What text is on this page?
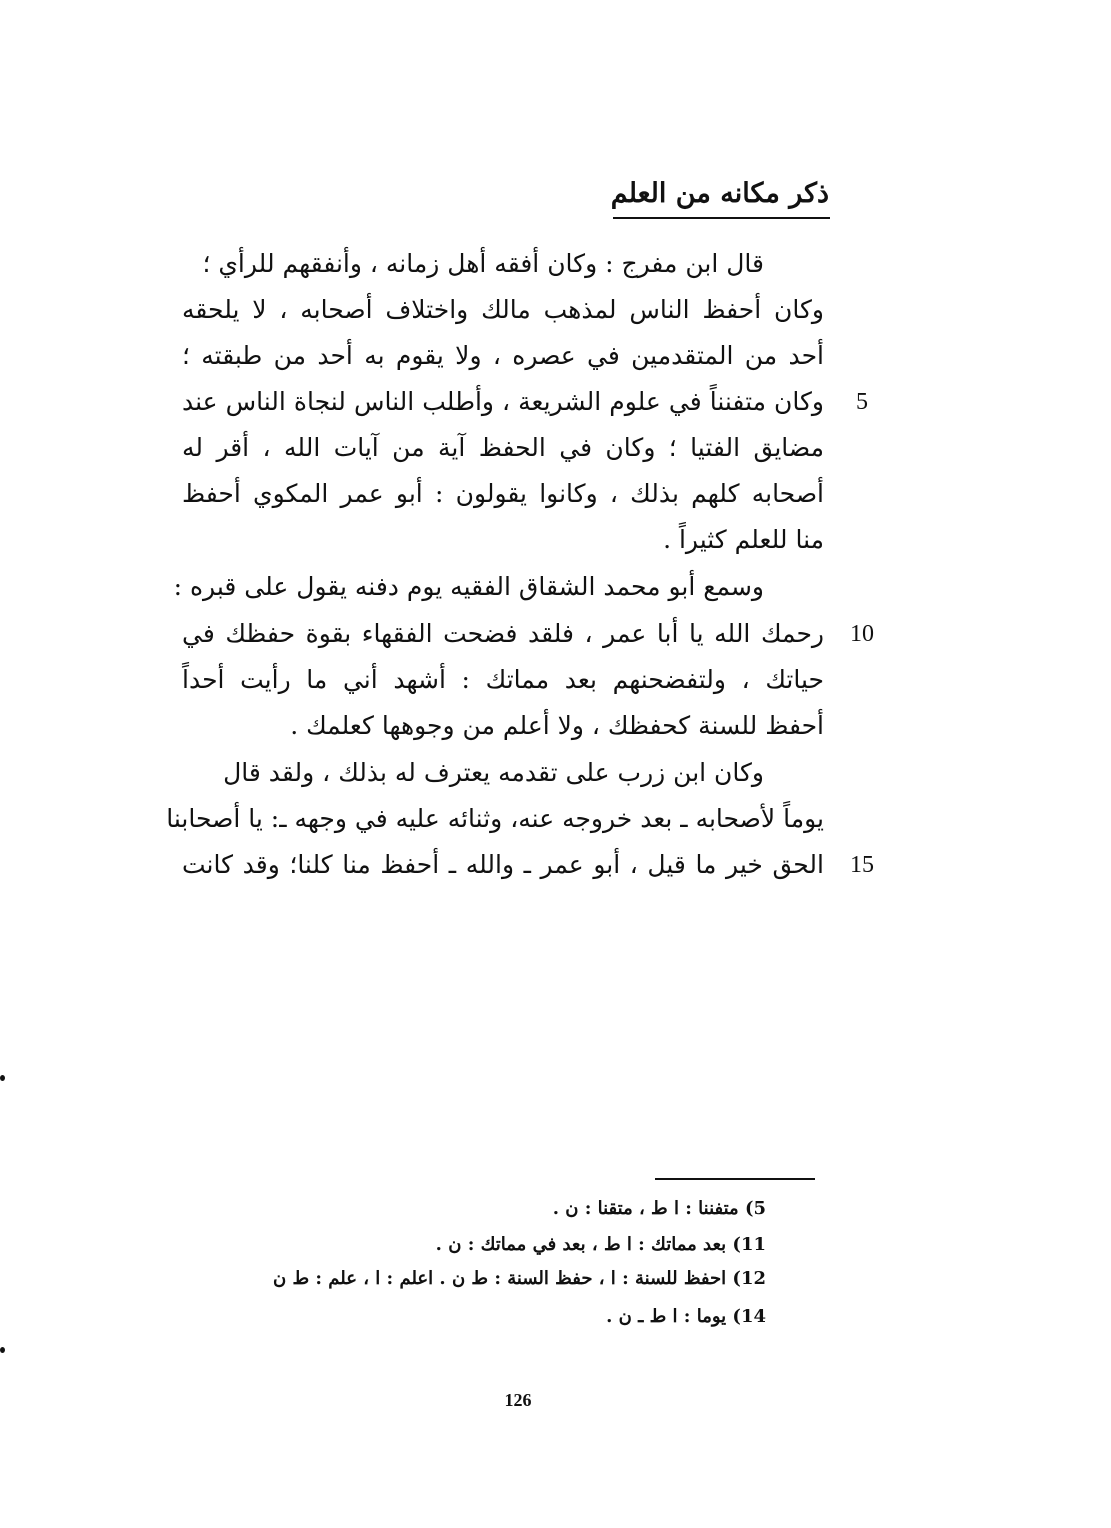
ذكر مكانه من العلم
قال ابن مفرج : وكان أفقه أهل زمانه ، وأنفقهم للرأي ؛
وكان أحفظ الناس لمذهب مالك واختلاف أصحابه ، لا يلحقه
أحد من المتقدمين في عصره ، ولا يقوم به أحد من طبقته ؛
وكان متفنناً في علوم الشريعة ، وأطلب الناس لنجاة الناس عند
مضايق الفتيا ؛ وكان في الحفظ آية من آيات الله ، أقر له
أصحابه كلهم بذلك ، وكانوا يقولون : أبو عمر المكوي أحفظ
منا للعلم كثيراً .
وسمع أبو محمد الشقاق الفقيه يوم دفنه يقول على قبره :
رحمك الله يا أبا عمر ، فلقد فضحت الفقهاء بقوة حفظك في
حياتك ، ولتفضحنهم بعد مماتك : أشهد أني ما رأيت أحداً
أحفظ للسنة كحفظك ، ولا أعلم من وجوهها كعلمك .
وكان ابن زرب على تقدمه يعترف له بذلك ، ولقد قال
يوماً لأصحابه ـ بعد خروجه عنه، وثنائه عليه في وجهه ـ: يا أصحابنا
الحق خير ما قيل ، أبو عمر ـ والله ـ أحفظ منا كلنا؛ وقد كانت
5
10
15
5) متفننا : ا ط ، متقنا : ن .
11) بعد مماتك : ا ط ، بعد في مماتك : ن .
12) احفظ للسنة : ا ، حفظ السنة : ط ن . اعلم : ا ، علم : ط ن
14) يوما : ا ط ـ ن .
126
